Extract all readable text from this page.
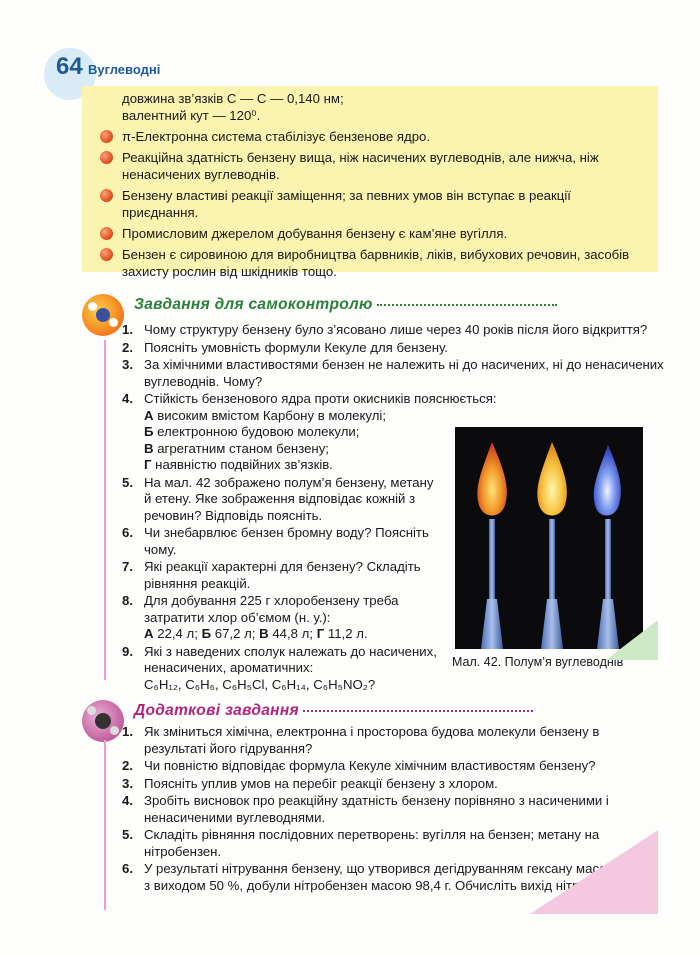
64 Вуглеводні
довжина зв’язків С — С — 0,140 нм;
валентний кут — 120⁰.
π-Електронна система стабілізує бензенове ядро.
Реакційна здатність бензену вища, ніж насичених вуглеводнів, але нижча, ніж ненасичених вуглеводнів.
Бензену властиві реакції заміщення; за певних умов він вступає в реакції приєднання.
Промисловим джерелом добування бензену є кам’яне вугілля.
Бензен є сировиною для виробництва барвників, ліків, вибухових речовин, засобів захисту рослин від шкідників тощо.
Завдання для самоконтролю
1. Чому структуру бензену було з’ясовано лише через 40 років після його відкриття?
2. Поясніть умовність формули Кекуле для бензену.
3. За хімічними властивостями бензен не належить ні до насичених, ні до ненасичених вуглеводнів. Чому?
4. Стійкість бензенового ядра проти окисників пояснюється:
А високим вмістом Карбону в молекулі;
Б електронною будовою молекули;
В агрегатним станом бензену;
Г наявністю подвійних зв’язків.
5. На мал. 42 зображено полум’я бензену, метану й етену. Яке зображення відповідає кожній з речовин? Відповідь поясніть.
6. Чи знебарвлює бензен бромну воду? Поясніть чому.
7. Які реакції характерні для бензену? Складіть рівняння реакцій.
8. Для добування 225 г хлоробензену треба затратити хлор об’ємом (н. у.):
А 22,4 л; Б 67,2 л; В 44,8 л; Г 11,2 л.
9. Які з наведених сполук належать до насичених, ненасичених, ароматичних:
C₆H₁₂, C₆H₆, C₆H₅Cl, C₆H₁₄, C₆H₅NO₂?
Мал. 42. Полум’я вуглеводнів
Додаткові завдання
1. Як зміниться хімічна, електронна і просторова будова молекули бензену в результаті його гідрування?
2. Чи повністю відповідає формула Кекуле хімічним властивостям бензену?
3. Поясніть уплив умов на перебіг реакції бензену з хлором.
4. Зробіть висновок про реакційну здатність бензену порівняно з насиченими і ненасиченими вуглеводнями.
5. Складіть рівняння послідовних перетворень: вугілля на бензен; метану на нітробензен.
6. У результаті нітрування бензену, що утворився дегідруванням гексану масою 86 г з виходом 50 %, добули нітробензен масою 98,4 г. Обчисліть вихід нітробензену.
